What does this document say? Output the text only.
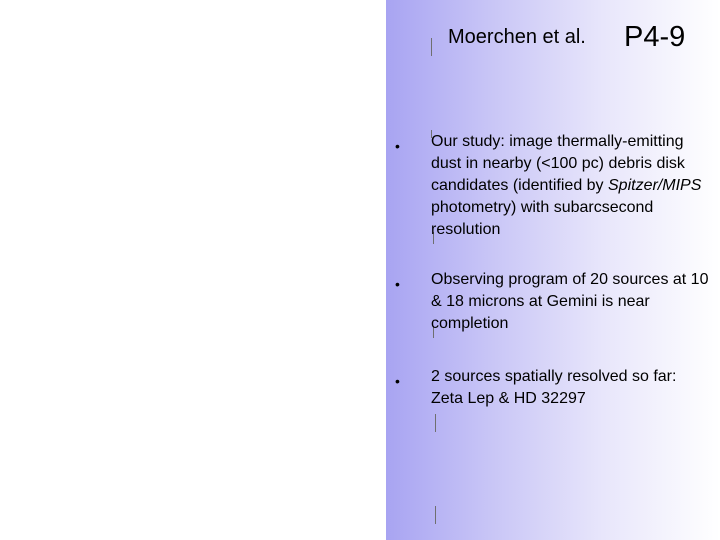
Moerchen et al. P4-9
• Our study: image thermally-emitting dust in nearby (<100 pc) debris disk candidates (identified by Spitzer/MIPS photometry) with subarcsecond resolution
• Observing program of 20 sources at 10 & 18 microns at Gemini is near completion
• 2 sources spatially resolved so far: Zeta Lep & HD 32297
